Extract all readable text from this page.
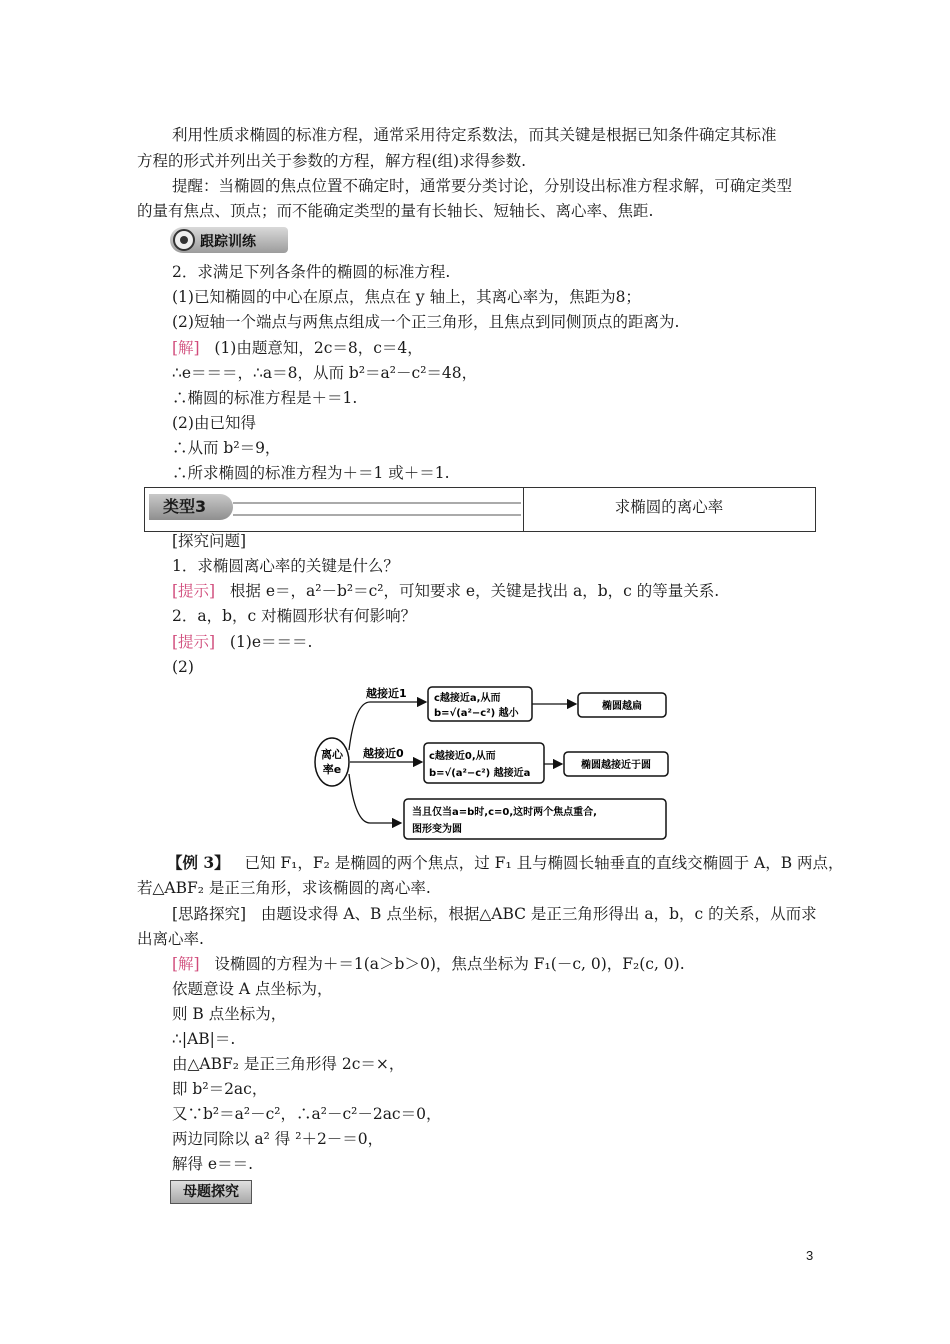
利用性质求椭圆的标准方程，通常采用待定系数法，而其关键是根据已知条件确定其标准
方程的形式并列出关于参数的方程，解方程(组)求得参数.
提醒：当椭圆的焦点位置不确定时，通常要分类讨论，分别设出标准方程求解，可确定类型
的量有焦点、顶点；而不能确定类型的量有长轴长、短轴长、离心率、焦距.
跟踪训练
2．求满足下列各条件的椭圆的标准方程.
(1)已知椭圆的中心在原点，焦点在 y 轴上，其离心率为，焦距为8；
(2)短轴一个端点与两焦点组成一个正三角形，且焦点到同侧顶点的距离为.
[解] (1)由题意知，2c＝8，c＝4，
∴e＝＝＝，∴a＝8，从而 b²＝a²－c²＝48，
∴椭圆的标准方程是＋＝1.
(2)由已知得
∴从而 b²＝9，
∴所求椭圆的标准方程为＋＝1 或＋＝1.
类型3	求椭圆的离心率
[探究问题]
1．求椭圆离心率的关键是什么？
[提示] 根据 e＝，a²－b²＝c²，可知要求 e，关键是找出 a，b，c 的等量关系.
2．a，b，c 对椭圆形状有何影响？
[提示] (1)e＝＝＝.
(2)
离心
率e
越接近1
越接近0
c越接近a,从而
b=√(a²−c²) 越小
椭圆越扁
c越接近0,从而
b=√(a²−c²) 越接近a
椭圆越接近于圆
当且仅当a=b时,c=0,这时两个焦点重合,
图形变为圆
【例 3】 已知 F₁，F₂ 是椭圆的两个焦点，过 F₁ 且与椭圆长轴垂直的直线交椭圆于 A，B 两点，
若△ABF₂ 是正三角形，求该椭圆的离心率.
[思路探究] 由题设求得 A、B 点坐标，根据△ABC 是正三角形得出 a，b，c 的关系，从而求
出离心率.
[解] 设椭圆的方程为＋＝1(a＞b＞0)，焦点坐标为 F₁(－c, 0)，F₂(c, 0).
依题意设 A 点坐标为，
则 B 点坐标为，
∴|AB|＝.
由△ABF₂ 是正三角形得 2c＝×，
即 b²＝2ac，
又∵b²＝a²－c²，∴a²－c²－2ac＝0，
两边同除以 a² 得 ²＋2－＝0，
解得 e＝＝.
母题探究
3
